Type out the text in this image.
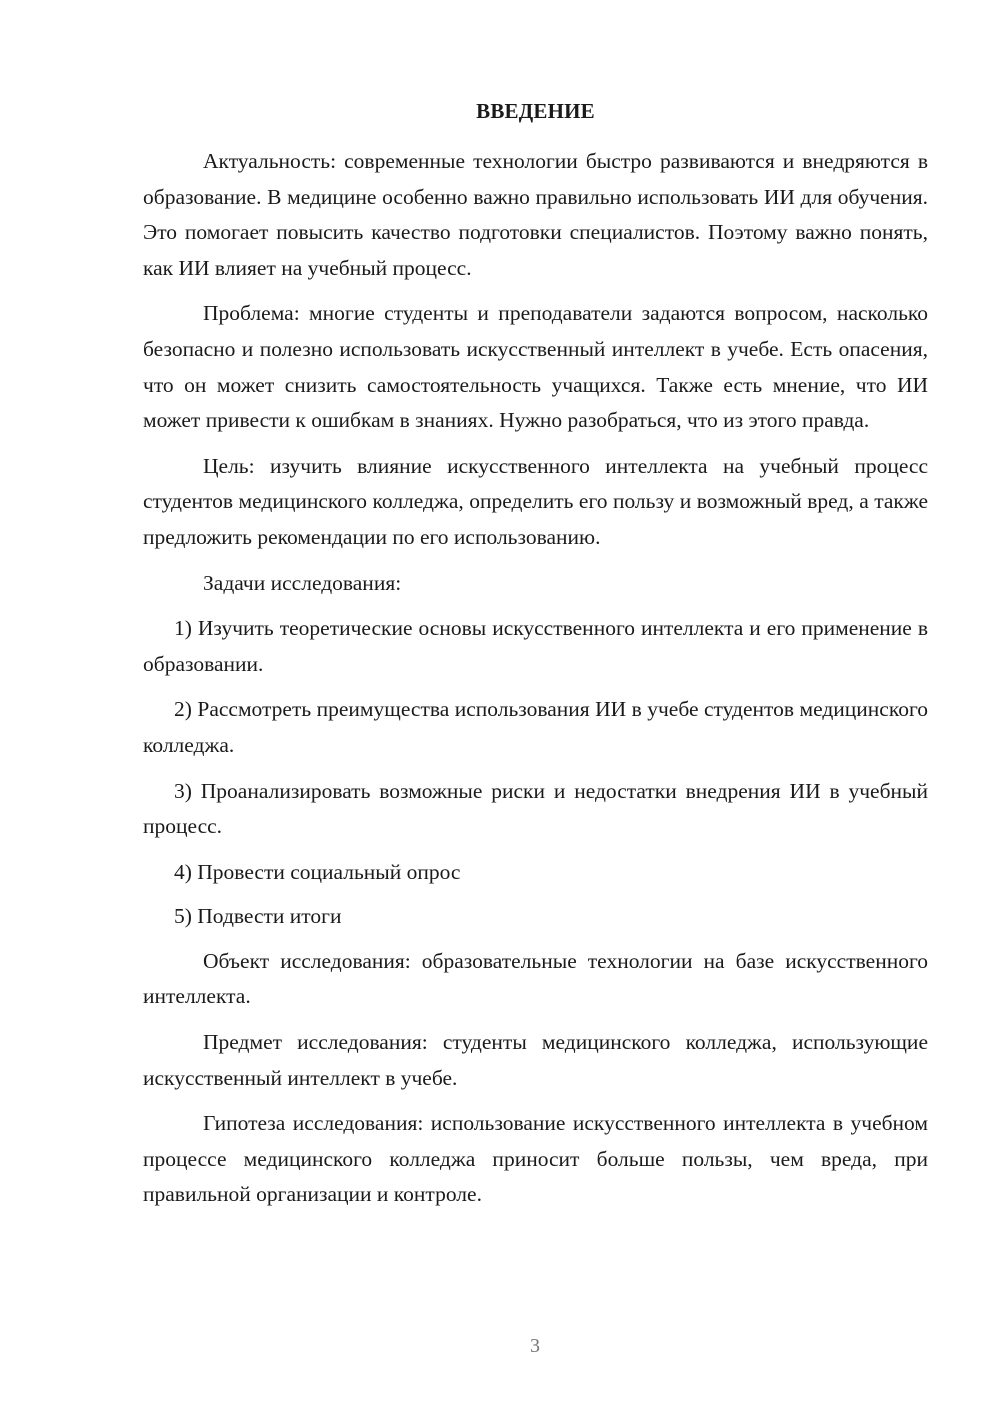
ВВЕДЕНИЕ

Актуальность: современные технологии быстро развиваются и внедряются в образование. В медицине особенно важно правильно использовать ИИ для обучения. Это помогает повысить качество подготовки специалистов. Поэтому важно понять, как ИИ влияет на учебный процесс.

Проблема: многие студенты и преподаватели задаются вопросом, насколько безопасно и полезно использовать искусственный интеллект в учебе. Есть опасения, что он может снизить самостоятельность учащихся. Также есть мнение, что ИИ может привести к ошибкам в знаниях. Нужно разобраться, что из этого правда.

Цель: изучить влияние искусственного интеллекта на учебный процесс студентов медицинского колледжа, определить его пользу и возможный вред, а также предложить рекомендации по его использованию.

Задачи исследования:

1) Изучить теоретические основы искусственного интеллекта и его применение в образовании.

2) Рассмотреть преимущества использования ИИ в учебе студентов медицинского колледжа.

3) Проанализировать возможные риски и недостатки внедрения ИИ в учебный процесс.

4) Провести социальный опрос

5) Подвести итоги

Объект исследования: образовательные технологии на базе искусственного интеллекта.

Предмет исследования: студенты медицинского колледжа, использующие искусственный интеллект в учебе.

Гипотеза исследования: использование искусственного интеллекта в учебном процессе медицинского колледжа приносит больше пользы, чем вреда, при правильной организации и контроле.

3
